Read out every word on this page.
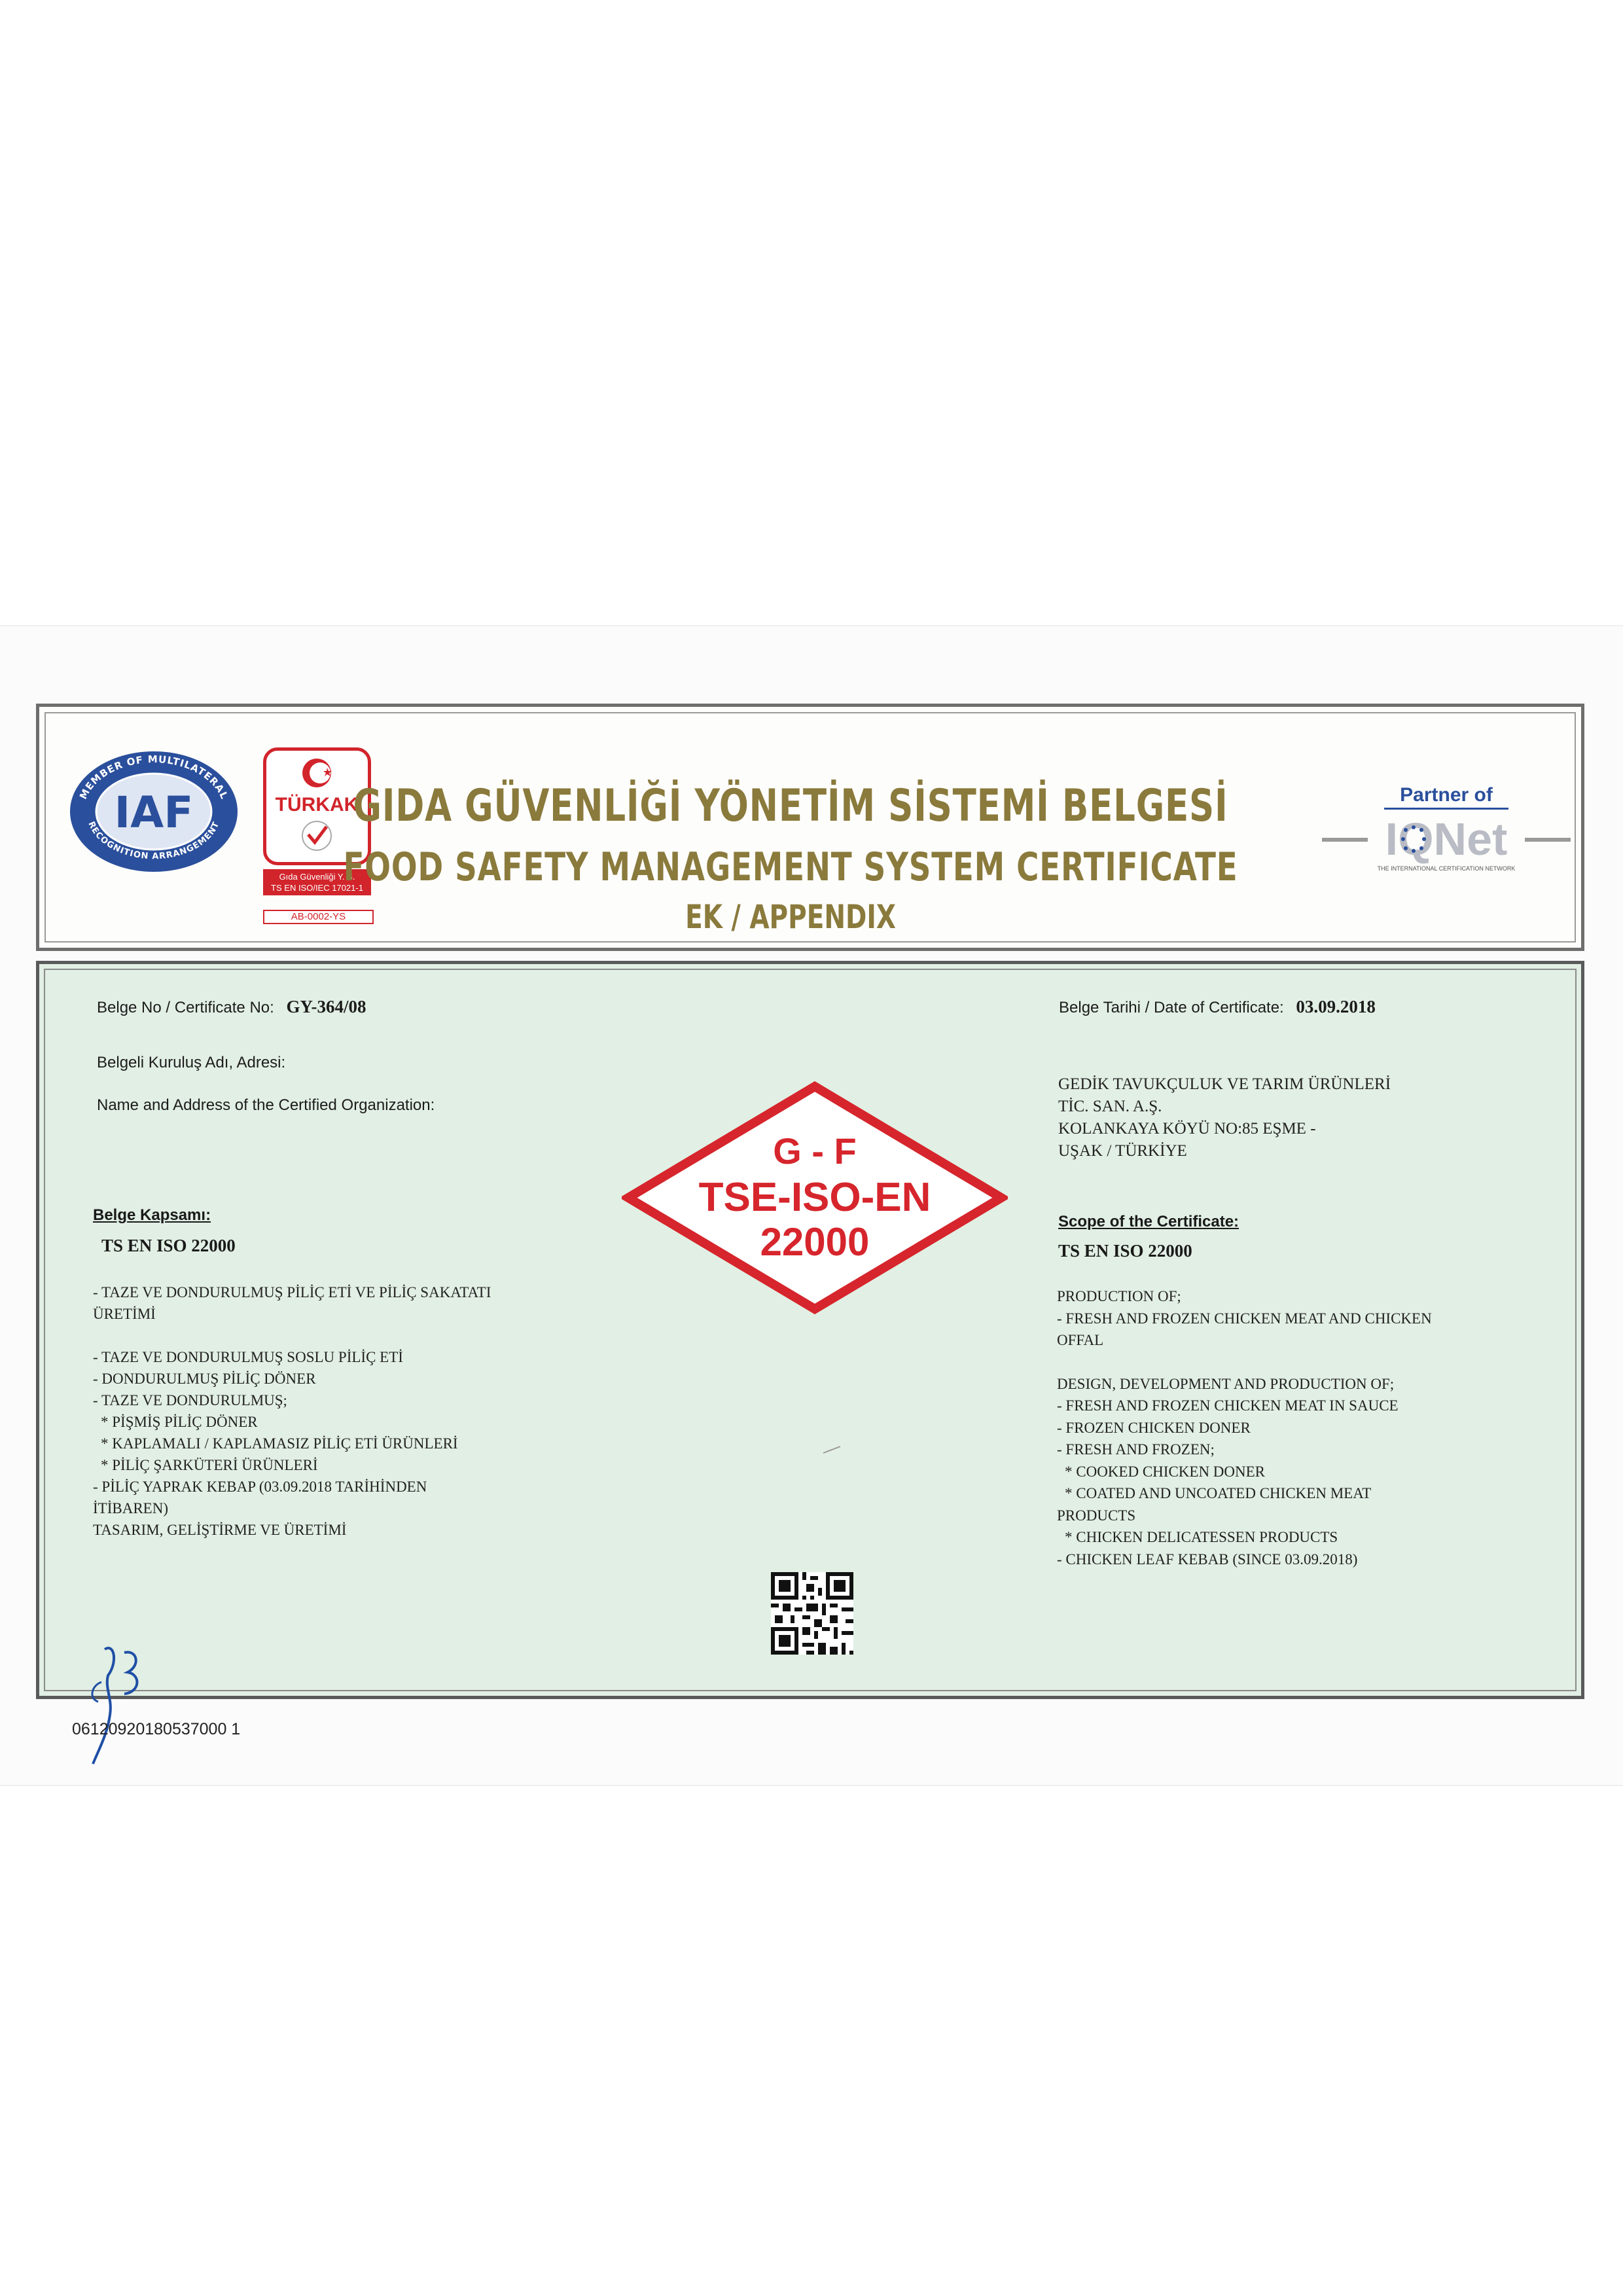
MEMBER OF MULTILATERAL
RECOGNITION ARRANGEMENT
IAF	TÜRKAK
Gıda Güvenliği Y. S.
TS EN ISO/IEC 17021-1
AB-0002-YS
GIDA GÜVENLİĞİ YÖNETİM SİSTEMİ BELGESİ
FOOD SAFETY MANAGEMENT SYSTEM CERTIFICATE
EK / APPENDIX
Partner of
IQNet
THE INTERNATIONAL CERTIFICATION NETWORK
Belge No / Certificate No: GY-364/08	Belge Tarihi / Date of Certificate: 03.09.2018
Belgeli Kuruluş Adı, Adresi:
Name and Address of the Certified Organization:
GEDİK TAVUKÇULUK VE TARIM ÜRÜNLERİ
TİC. SAN. A.Ş.
KOLANKAYA KÖYÜ NO:85 EŞME -
UŞAK / TÜRKİYE
G - F
TSE-ISO-EN
22000
Belge Kapsamı:
TS EN ISO 22000
- TAZE VE DONDURULMUŞ PİLİÇ ETİ VE PİLİÇ SAKATATI
ÜRETİMİ
- TAZE VE DONDURULMUŞ SOSLU PİLİÇ ETİ
- DONDURULMUŞ PİLİÇ DÖNER
- TAZE VE DONDURULMUŞ;
* PİŞMİŞ PİLİÇ DÖNER
* KAPLAMALI / KAPLAMASIZ PİLİÇ ETİ ÜRÜNLERİ
* PİLİÇ ŞARKÜTERİ ÜRÜNLERİ
- PİLİÇ YAPRAK KEBAP (03.09.2018 TARİHİNDEN
İTİBAREN)
TASARIM, GELİŞTİRME VE ÜRETİMİ
Scope of the Certificate:
TS EN ISO 22000
PRODUCTION OF;
- FRESH AND FROZEN CHICKEN MEAT AND CHICKEN
OFFAL
DESIGN, DEVELOPMENT AND PRODUCTION OF;
- FRESH AND FROZEN CHICKEN MEAT IN SAUCE
- FROZEN CHICKEN DONER
- FRESH AND FROZEN;
* COOKED CHICKEN DONER
* COATED AND UNCOATED CHICKEN MEAT
PRODUCTS
* CHICKEN DELICATESSEN PRODUCTS
- CHICKEN LEAF KEBAB (SINCE 03.09.2018)
06120920180537000 1
